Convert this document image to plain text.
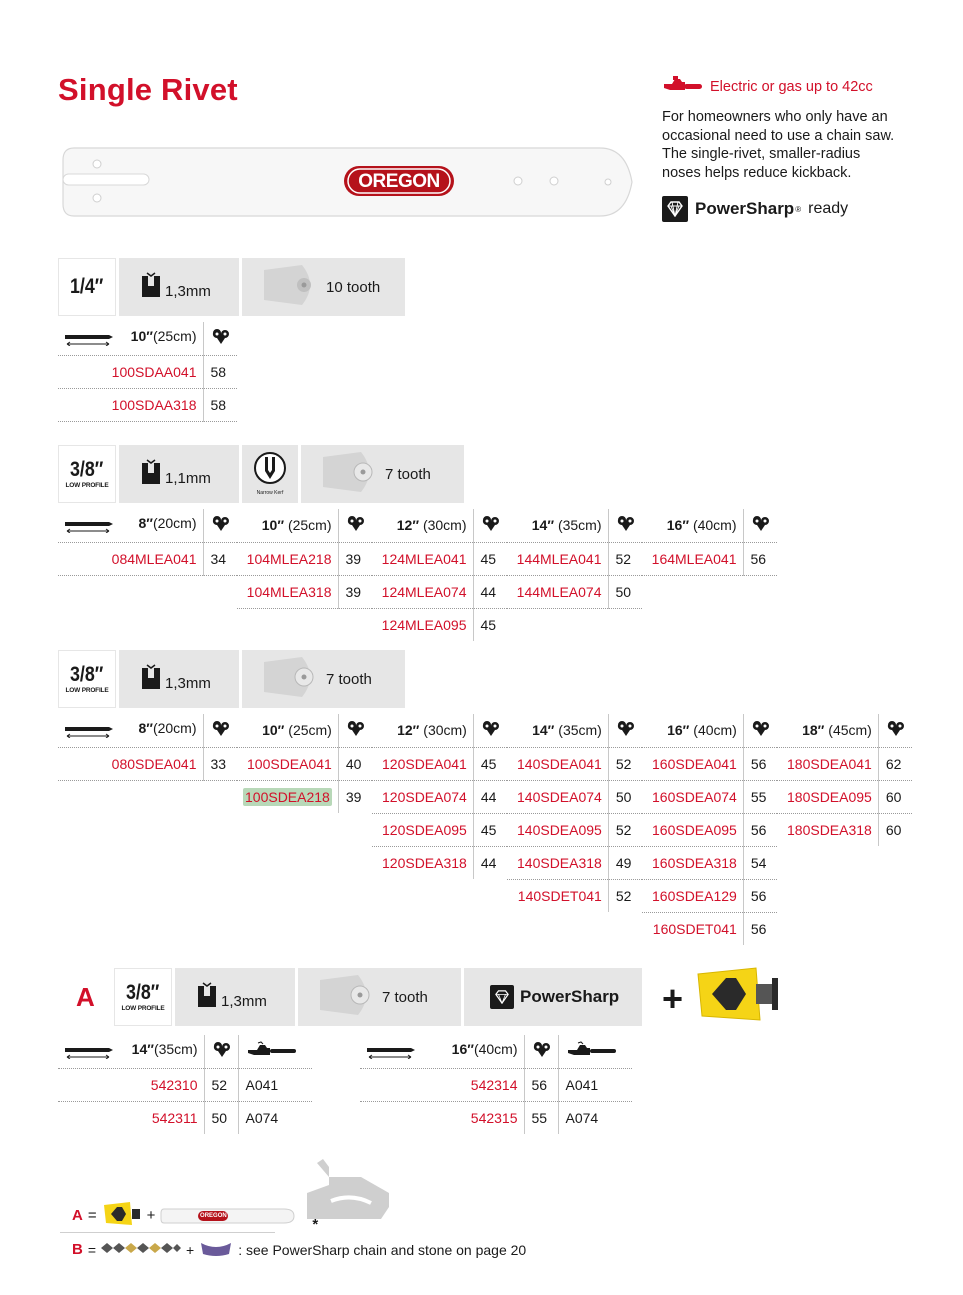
Single Rivet	Electric or gas up to 42cc
For homeowners who only have an
occasional need to use a chain saw.
The single-rivet, smaller-radius
noses helps reduce kickback.
PowerSharp ® ready
OREGON
1/4″	1,3mm	10 tooth
10″(25cm)	
100SDAA041	58
100SDAA318	58
3/8″
LOW PROFILE	1,1mm
Narrow Kerf
7 tooth
8″(20cm)		10″ (25cm)		12″ (30cm)		14″ (35cm)		16″ (40cm)	
084MLEA041	34	104MLEA218	39	124MLEA041	45	144MLEA041	52	164MLEA041	56
		104MLEA318	39	124MLEA074	44	144MLEA074	50		
				124MLEA095	45				
3/8″
LOW PROFILE	1,3mm	7 tooth
8″(20cm)		10″ (25cm)		12″ (30cm)		14″ (35cm)		16″ (40cm)		18″ (45cm)	
080SDEA041	33	100SDEA041	40	120SDEA041	45	140SDEA041	52	160SDEA041	56	180SDEA041	62
		100SDEA218	39	120SDEA074	44	140SDEA074	50	160SDEA074	55	180SDEA095	60
				120SDEA095	45	140SDEA095	52	160SDEA095	56	180SDEA318	60
				120SDEA318	44	140SDEA318	49	160SDEA318	54		
						140SDET041	52	160SDEA129	56		
								160SDET041	56		
A 3/8″
LOW PROFILE	1,3mm	7 tooth	PowerSharp +
14″(35cm)		
542310	52	A041
542311	50	A074
16″(40cm)		
542314	56	A041
542315	55	A074
A =	+	OREGON
*
B =	+	: see PowerSharp chain and stone on page 20
